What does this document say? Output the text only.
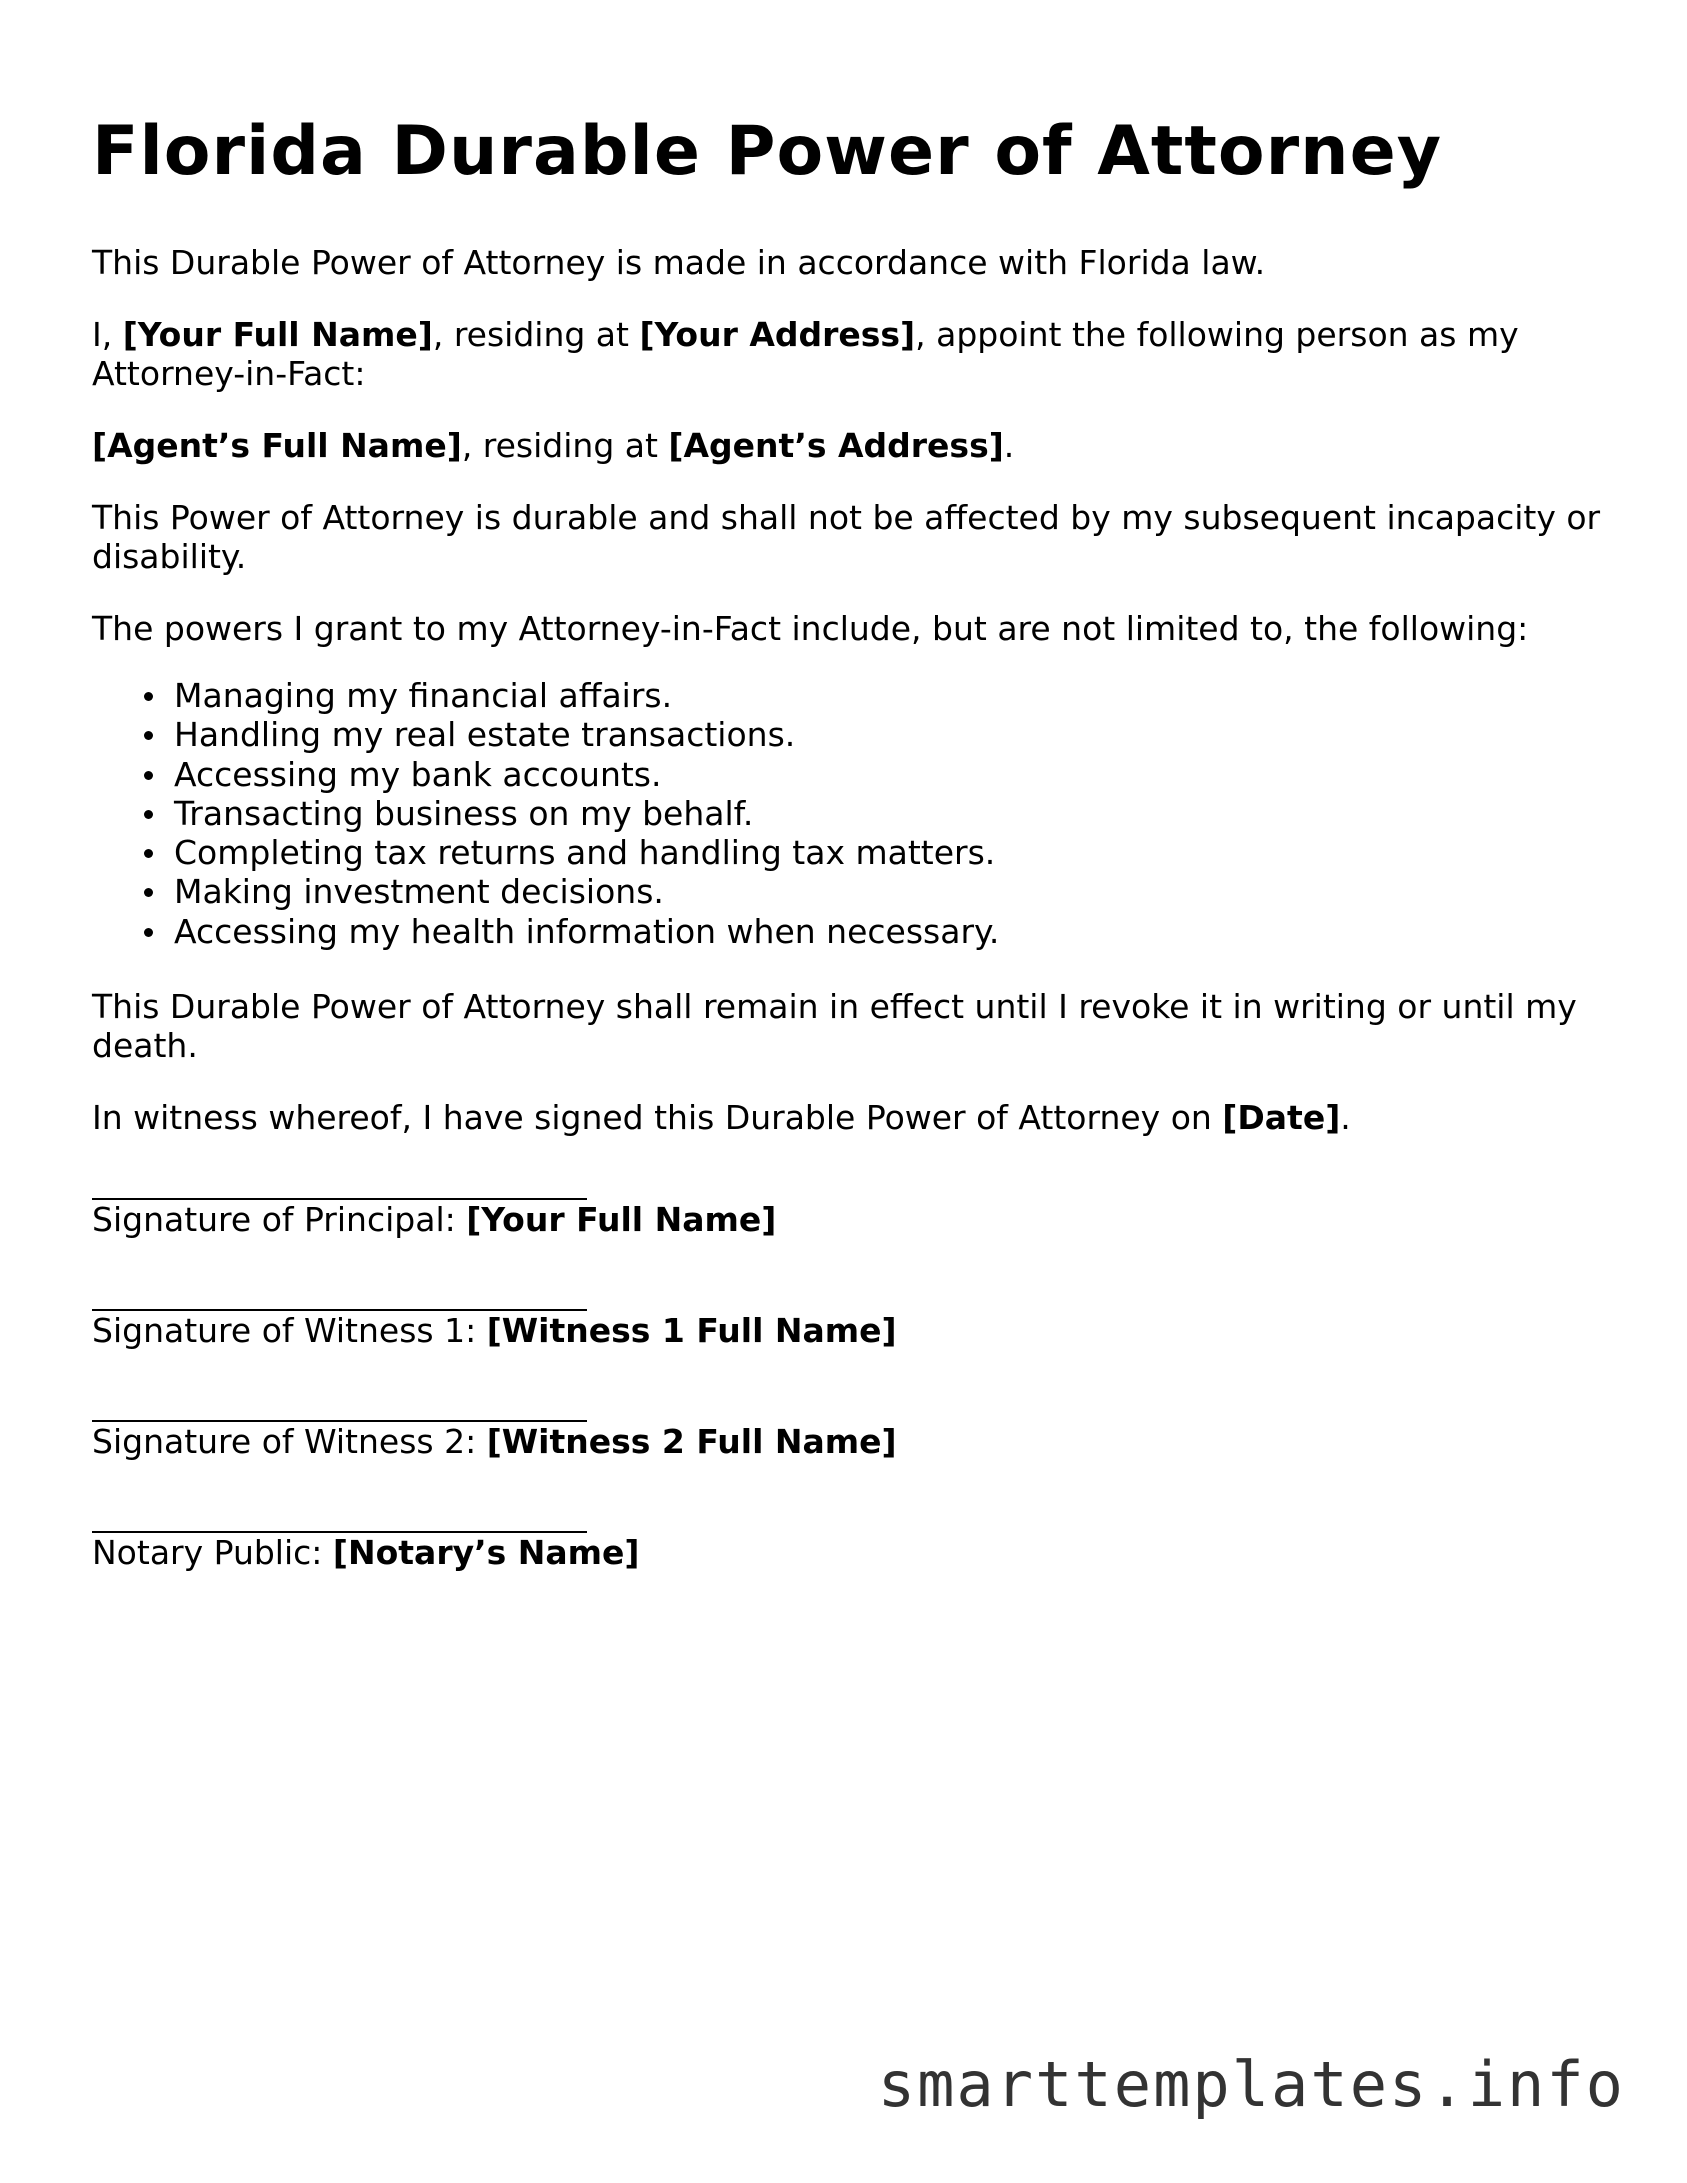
Florida Durable Power of Attorney

This Durable Power of Attorney is made in accordance with Florida law.

I, [Your Full Name], residing at [Your Address], appoint the following person as my Attorney-in-Fact:

[Agent’s Full Name], residing at [Agent’s Address].

This Power of Attorney is durable and shall not be affected by my subsequent incapacity or disability.

The powers I grant to my Attorney-in-Fact include, but are not limited to, the following:

Managing my financial affairs.
Handling my real estate transactions.
Accessing my bank accounts.
Transacting business on my behalf.
Completing tax returns and handling tax matters.
Making investment decisions.
Accessing my health information when necessary.

This Durable Power of Attorney shall remain in effect until I revoke it in writing or until my death.

In witness whereof, I have signed this Durable Power of Attorney on [Date].

Signature of Principal: [Your Full Name]
Signature of Witness 1: [Witness 1 Full Name]
Signature of Witness 2: [Witness 2 Full Name]
Notary Public: [Notary’s Name]
smarttemplates.info
